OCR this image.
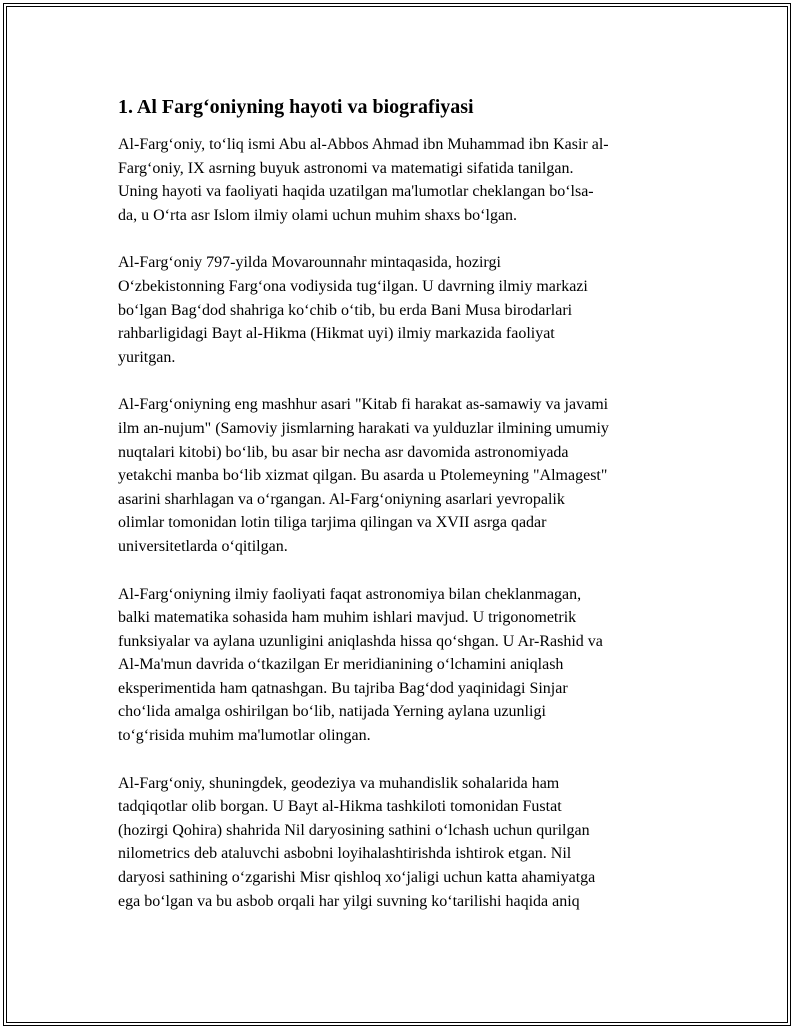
1. Al Farg‘oniyning hayoti va biografiyasi

Al-Farg‘oniy, to‘liq ismi Abu al-Abbos Ahmad ibn Muhammad ibn Kasir al-
Farg‘oniy, IX asrning buyuk astronomi va matematigi sifatida tanilgan.
Uning hayoti va faoliyati haqida uzatilgan ma'lumotlar cheklangan bo‘lsa-
da, u O‘rta asr Islom ilmiy olami uchun muhim shaxs bo‘lgan.

Al-Farg‘oniy 797-yilda Movarounnahr mintaqasida, hozirgi
O‘zbekistonning Farg‘ona vodiysida tug‘ilgan. U davrning ilmiy markazi
bo‘lgan Bag‘dod shahriga ko‘chib o‘tib, bu erda Bani Musa birodarlari
rahbarligidagi Bayt al-Hikma (Hikmat uyi) ilmiy markazida faoliyat
yuritgan.

Al-Farg‘oniyning eng mashhur asari "Kitab fi harakat as-samawiy va javami
ilm an-nujum" (Samoviy jismlarning harakati va yulduzlar ilmining umumiy
nuqtalari kitobi) bo‘lib, bu asar bir necha asr davomida astronomiyada
yetakchi manba bo‘lib xizmat qilgan. Bu asarda u Ptolemeyning "Almagest"
asarini sharhlagan va o‘rgangan. Al-Farg‘oniyning asarlari yevropalik
olimlar tomonidan lotin tiliga tarjima qilingan va XVII asrga qadar
universitetlarda o‘qitilgan.

Al-Farg‘oniyning ilmiy faoliyati faqat astronomiya bilan cheklanmagan,
balki matematika sohasida ham muhim ishlari mavjud. U trigonometrik
funksiyalar va aylana uzunligini aniqlashda hissa qo‘shgan. U Ar-Rashid va
Al-Ma'mun davrida o‘tkazilgan Er meridianining o‘lchamini aniqlash
eksperimentida ham qatnashgan. Bu tajriba Bag‘dod yaqinidagi Sinjar
cho‘lida amalga oshirilgan bo‘lib, natijada Yerning aylana uzunligi
to‘g‘risida muhim ma'lumotlar olingan.

Al-Farg‘oniy, shuningdek, geodeziya va muhandislik sohalarida ham
tadqiqotlar olib borgan. U Bayt al-Hikma tashkiloti tomonidan Fustat
(hozirgi Qohira) shahrida Nil daryosining sathini o‘lchash uchun qurilgan
nilometrics deb ataluvchi asbobni loyihalashtirishda ishtirok etgan. Nil
daryosi sathining o‘zgarishi Misr qishloq xo‘jaligi uchun katta ahamiyatga
ega bo‘lgan va bu asbob orqali har yilgi suvning ko‘tarilishi haqida aniq
